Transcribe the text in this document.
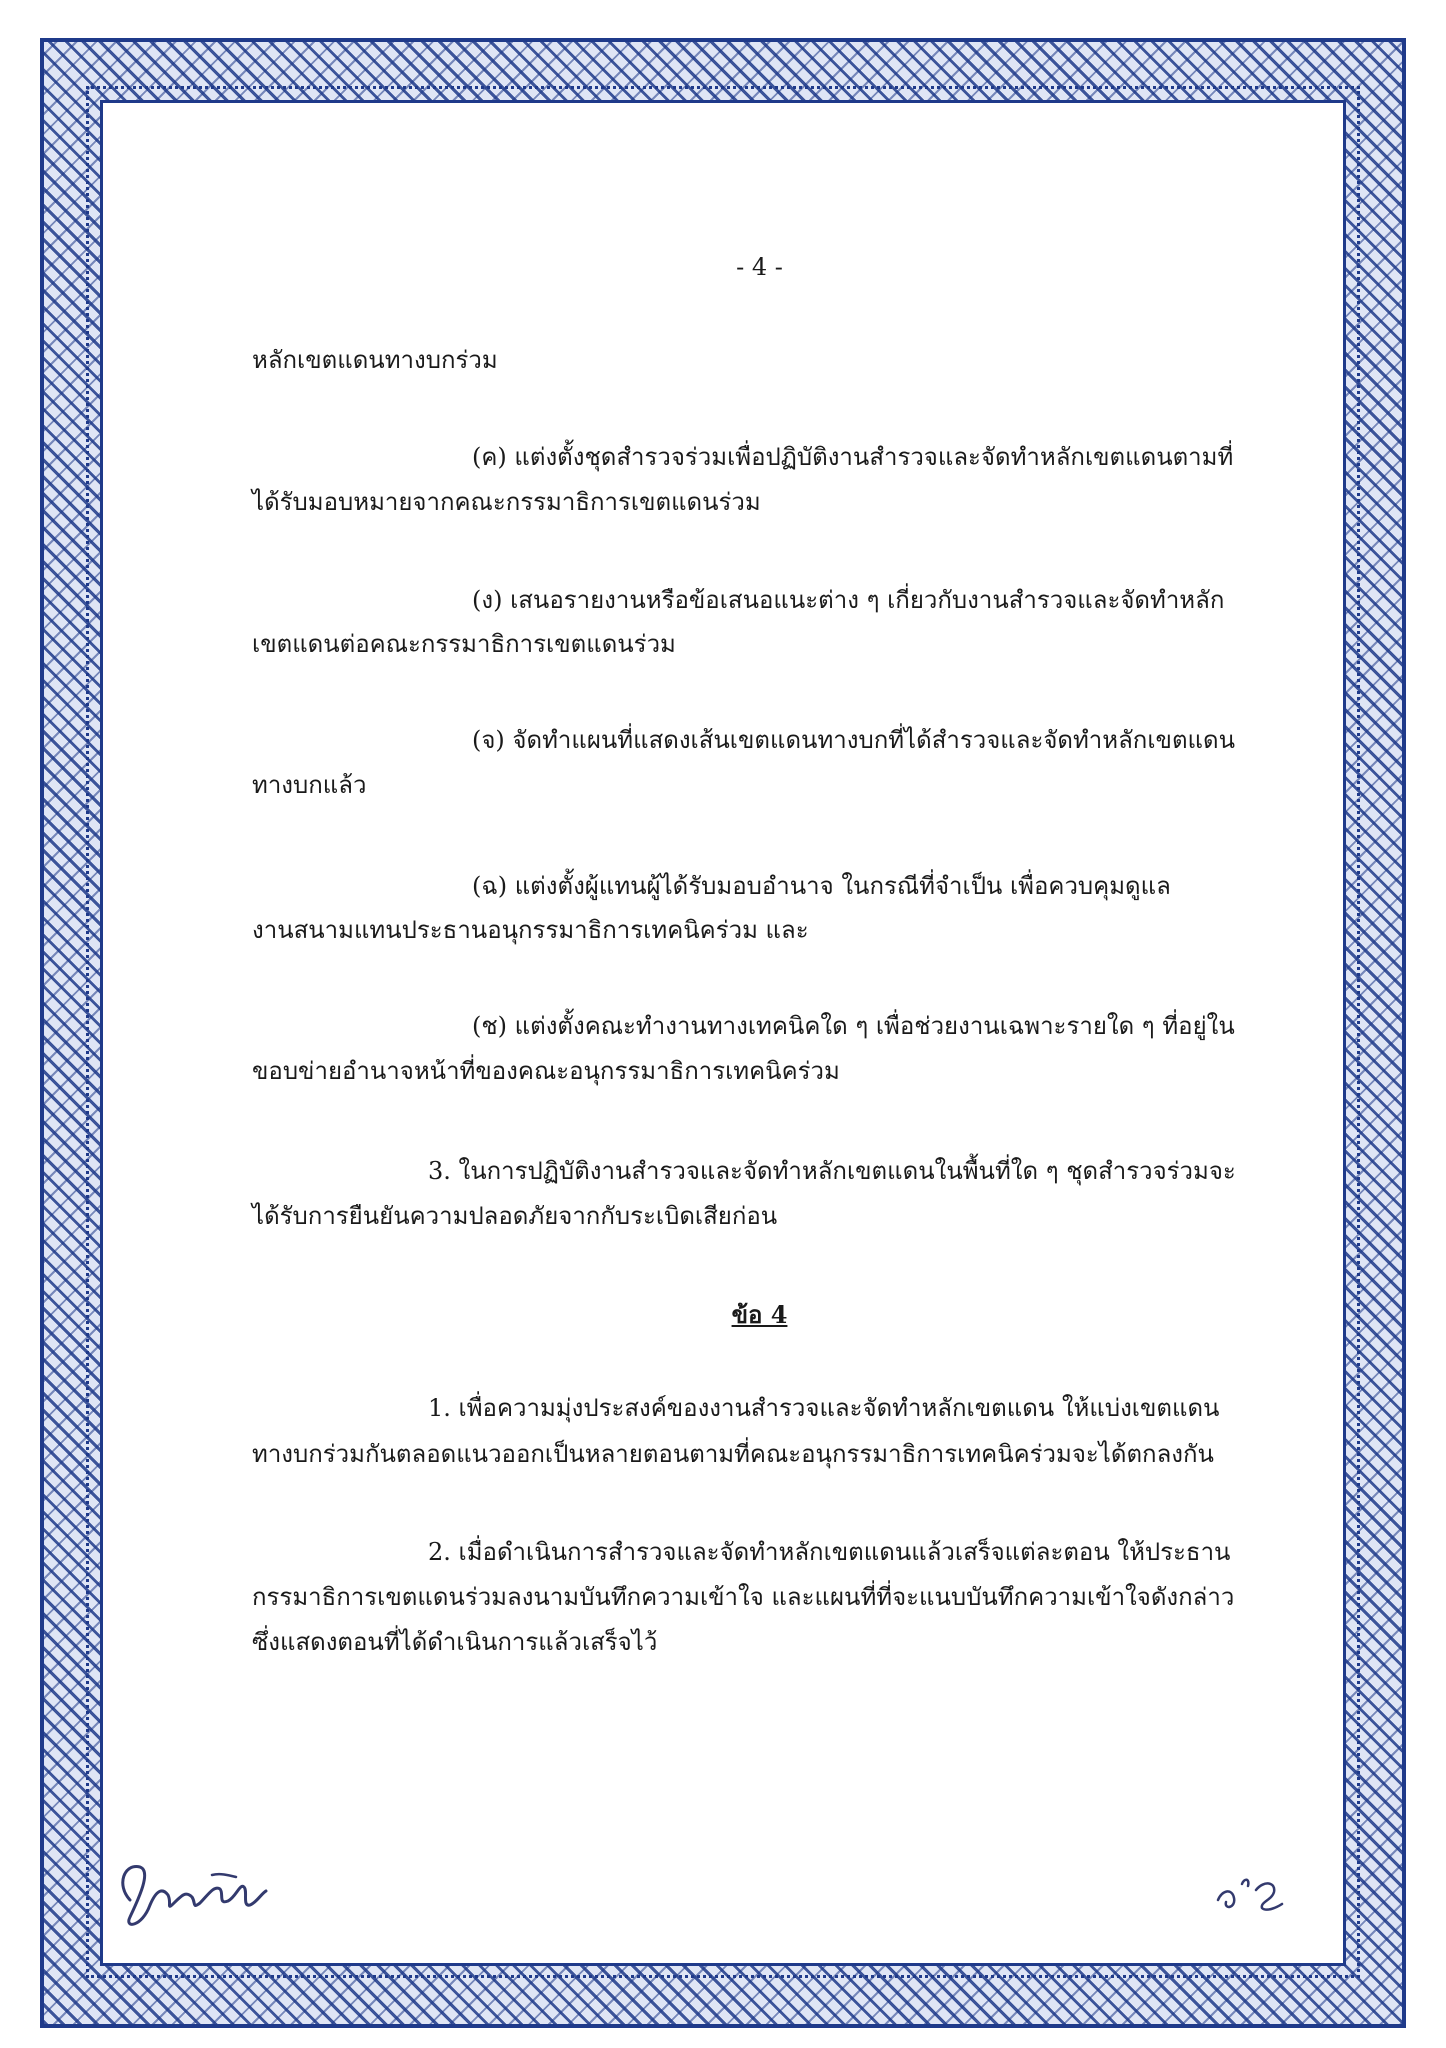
- 4 -
หลักเขตแดนทางบกร่วม
(ค) แต่งตั้งชุดสำรวจร่วมเพื่อปฏิบัติงานสำรวจและจัดทำหลักเขตแดนตามที่
ได้รับมอบหมายจากคณะกรรมาธิการเขตแดนร่วม
(ง) เสนอรายงานหรือข้อเสนอแนะต่าง ๆ เกี่ยวกับงานสำรวจและจัดทำหลัก
เขตแดนต่อคณะกรรมาธิการเขตแดนร่วม
(จ) จัดทำแผนที่แสดงเส้นเขตแดนทางบกที่ได้สำรวจและจัดทำหลักเขตแดน
ทางบกแล้ว
(ฉ) แต่งตั้งผู้แทนผู้ได้รับมอบอำนาจ ในกรณีที่จำเป็น เพื่อควบคุมดูแล
งานสนามแทนประธานอนุกรรมาธิการเทคนิคร่วม และ
(ช) แต่งตั้งคณะทำงานทางเทคนิคใด ๆ เพื่อช่วยงานเฉพาะรายใด ๆ ที่อยู่ใน
ขอบข่ายอำนาจหน้าที่ของคณะอนุกรรมาธิการเทคนิคร่วม
3. ในการปฏิบัติงานสำรวจและจัดทำหลักเขตแดนในพื้นที่ใด ๆ ชุดสำรวจร่วมจะ
ได้รับการยืนยันความปลอดภัยจากกับระเบิดเสียก่อน
ข้อ 4
1. เพื่อความมุ่งประสงค์ของงานสำรวจและจัดทำหลักเขตแดน ให้แบ่งเขตแดน
ทางบกร่วมกันตลอดแนวออกเป็นหลายตอนตามที่คณะอนุกรรมาธิการเทคนิคร่วมจะได้ตกลงกัน
2. เมื่อดำเนินการสำรวจและจัดทำหลักเขตแดนแล้วเสร็จแต่ละตอน ให้ประธาน
กรรมาธิการเขตแดนร่วมลงนามบันทึกความเข้าใจ และแผนที่ที่จะแนบบันทึกความเข้าใจดังกล่าว
ซึ่งแสดงตอนที่ได้ดำเนินการแล้วเสร็จไว้
